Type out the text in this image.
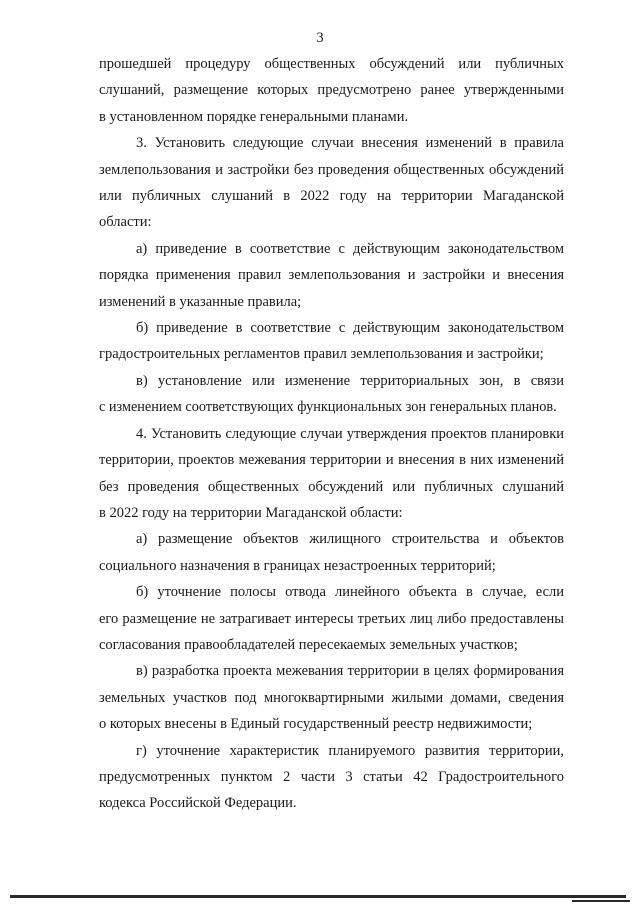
3
прошедшей процедуру общественных обсуждений или публичных
слушаний, размещение которых предусмотрено ранее утвержденными
в установленном порядке генеральными планами.
3. Установить следующие случаи внесения изменений в правила
землепользования и застройки без проведения общественных обсуждений
или публичных слушаний в 2022 году на территории Магаданской
области:
а) приведение в соответствие с действующим законодательством
порядка применения правил землепользования и застройки и внесения
изменений в указанные правила;
б) приведение в соответствие с действующим законодательством
градостроительных регламентов правил землепользования и застройки;
в) установление или изменение территориальных зон, в связи
с изменением соответствующих функциональных зон генеральных планов.
4. Установить следующие случаи утверждения проектов планировки
территории, проектов межевания территории и внесения в них изменений
без проведения общественных обсуждений или публичных слушаний
в 2022 году на территории Магаданской области:
а) размещение объектов жилищного строительства и объектов
социального назначения в границах незастроенных территорий;
б) уточнение полосы отвода линейного объекта в случае, если
его размещение не затрагивает интересы третьих лиц либо предоставлены
согласования правообладателей пересекаемых земельных участков;
в) разработка проекта межевания территории в целях формирования
земельных участков под многоквартирными жилыми домами, сведения
о которых внесены в Единый государственный реестр недвижимости;
г) уточнение характеристик планируемого развития территории,
предусмотренных пунктом 2 части 3 статьи 42 Градостроительного
кодекса Российской Федерации.
